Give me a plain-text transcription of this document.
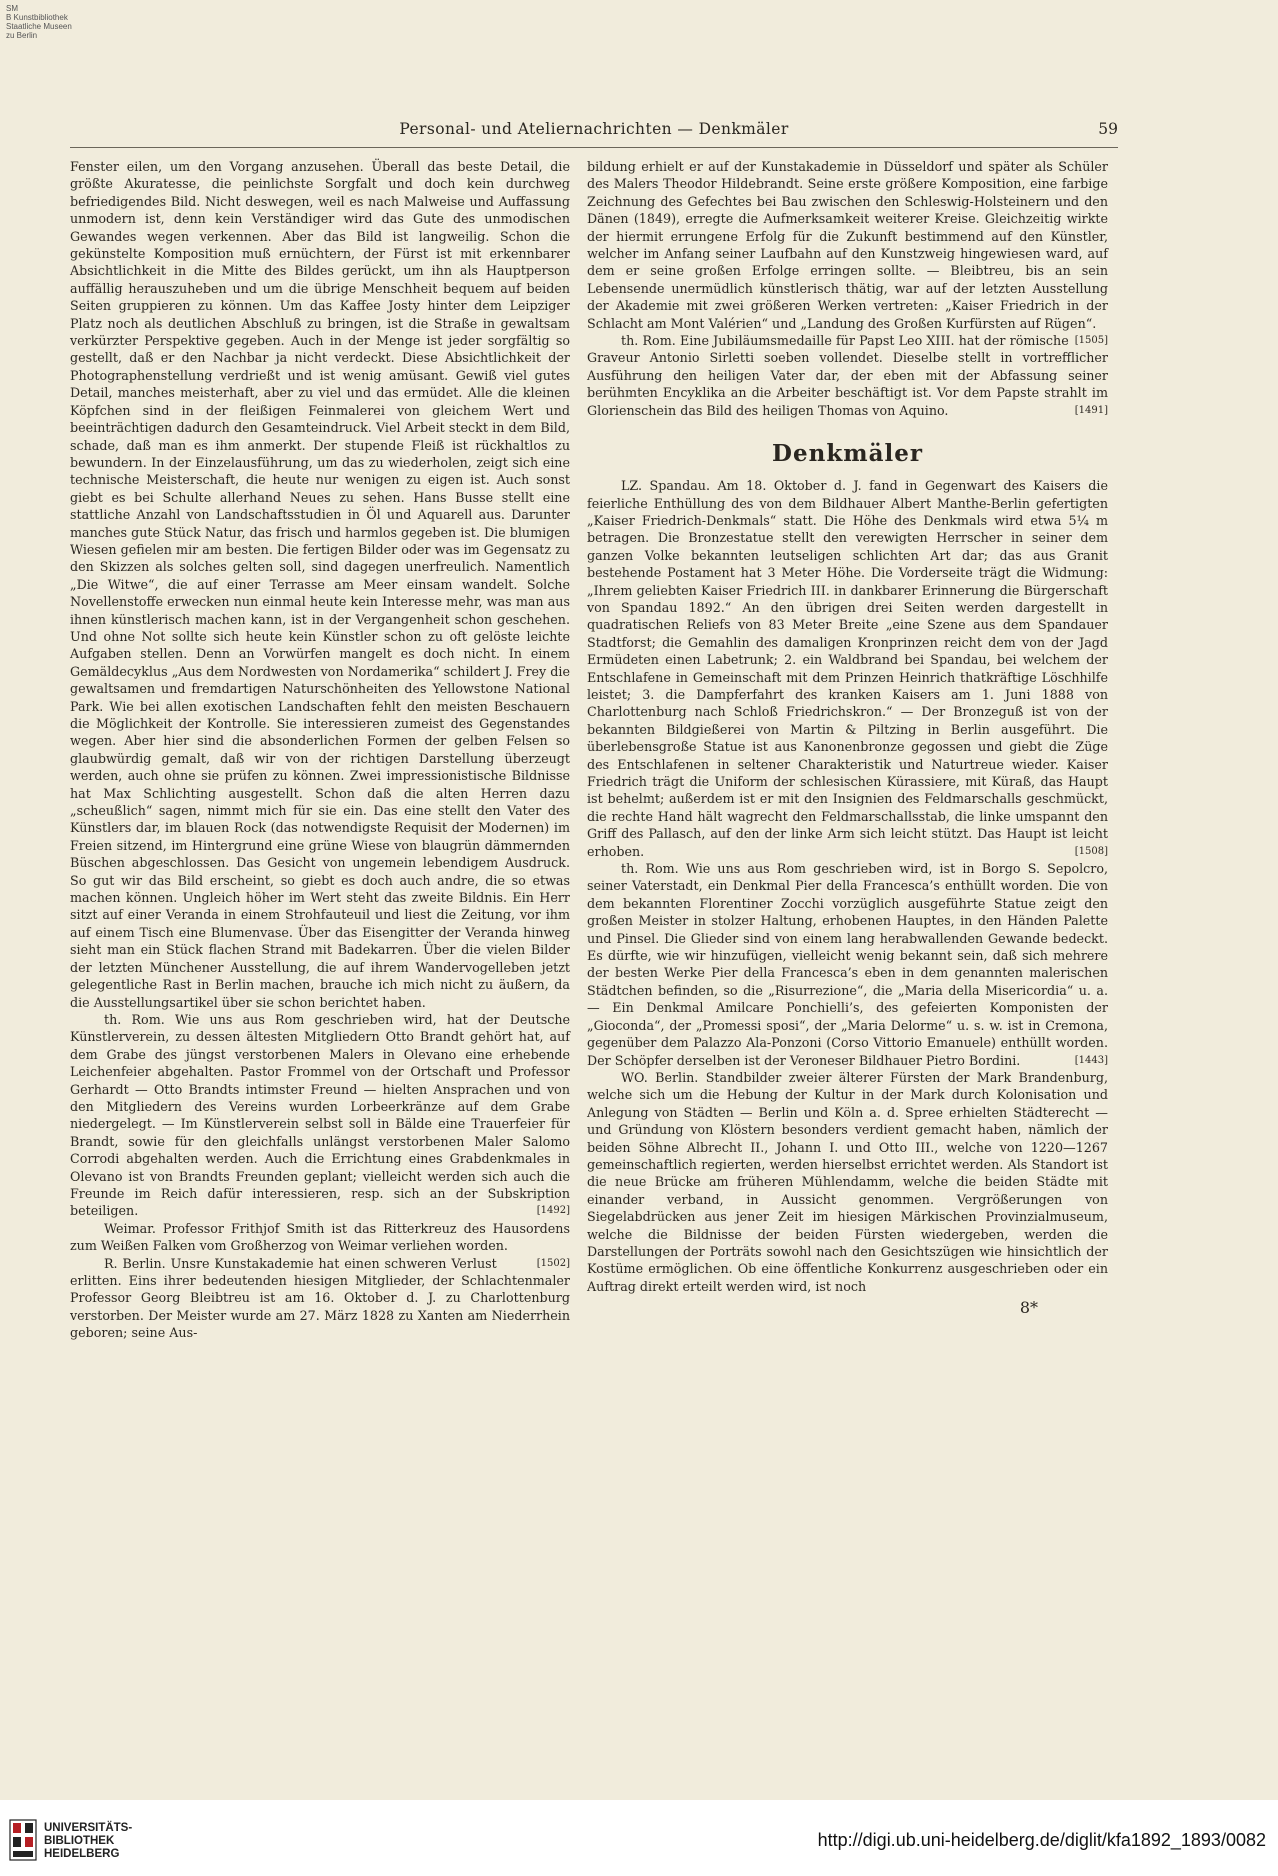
SM
B Kunstbibliothek
Staatliche Museen
zu Berlin
Personal- und Ateliernachrichten — Denkmäler	59

Fenster eilen, um den Vorgang anzusehen. Überall das beste Detail, die größte Akuratesse, die peinlichste Sorgfalt und doch kein durchweg befriedigendes Bild. Nicht deswegen, weil es nach Malweise und Auffassung unmodern ist, denn kein Verständiger wird das Gute des unmodischen Gewandes wegen verkennen. Aber das Bild ist langweilig. Schon die gekünstelte Komposition muß ernüchtern, der Fürst ist mit erkennbarer Absichtlichkeit in die Mitte des Bildes gerückt, um ihn als Hauptperson auffällig herauszuheben und um die übrige Menschheit bequem auf beiden Seiten gruppieren zu können. Um das Kaffee Josty hinter dem Leipziger Platz noch als deutlichen Abschluß zu bringen, ist die Straße in gewaltsam verkürzter Perspektive gegeben. Auch in der Menge ist jeder sorgfältig so gestellt, daß er den Nachbar ja nicht verdeckt. Diese Absichtlichkeit der Photographenstellung verdrießt und ist wenig amüsant. Gewiß viel gutes Detail, manches meisterhaft, aber zu viel und das ermüdet. Alle die kleinen Köpfchen sind in der fleißigen Feinmalerei von gleichem Wert und beeinträchtigen dadurch den Gesamteindruck. Viel Arbeit steckt in dem Bild, schade, daß man es ihm anmerkt. Der stupende Fleiß ist rückhaltlos zu bewundern. In der Einzelausführung, um das zu wiederholen, zeigt sich eine technische Meisterschaft, die heute nur wenigen zu eigen ist. Auch sonst giebt es bei Schulte allerhand Neues zu sehen. Hans Busse stellt eine stattliche Anzahl von Landschaftsstudien in Öl und Aquarell aus. Darunter manches gute Stück Natur, das frisch und harmlos gegeben ist. Die blumigen Wiesen gefielen mir am besten. Die fertigen Bilder oder was im Gegensatz zu den Skizzen als solches gelten soll, sind dagegen unerfreulich. Namentlich „Die Witwe“, die auf einer Terrasse am Meer einsam wandelt. Solche Novellenstoffe erwecken nun einmal heute kein Interesse mehr, was man aus ihnen künstlerisch machen kann, ist in der Vergangenheit schon geschehen. Und ohne Not sollte sich heute kein Künstler schon zu oft gelöste leichte Aufgaben stellen. Denn an Vorwürfen mangelt es doch nicht. In einem Gemäldecyklus „Aus dem Nordwesten von Nordamerika“ schildert J. Frey die gewaltsamen und fremdartigen Naturschönheiten des Yellowstone National Park. Wie bei allen exotischen Landschaften fehlt den meisten Beschauern die Möglichkeit der Kontrolle. Sie interessieren zumeist des Gegenstandes wegen. Aber hier sind die absonderlichen Formen der gelben Felsen so glaubwürdig gemalt, daß wir von der richtigen Darstellung überzeugt werden, auch ohne sie prüfen zu können. Zwei impressionistische Bildnisse hat Max Schlichting ausgestellt. Schon daß die alten Herren dazu „scheußlich“ sagen, nimmt mich für sie ein. Das eine stellt den Vater des Künstlers dar, im blauen Rock (das notwendigste Requisit der Modernen) im Freien sitzend, im Hintergrund eine grüne Wiese von blaugrün dämmernden Büschen abgeschlossen. Das Gesicht von ungemein lebendigem Ausdruck. So gut wir das Bild erscheint, so giebt es doch auch andre, die so etwas machen können. Ungleich höher im Wert steht das zweite Bildnis. Ein Herr sitzt auf einer Veranda in einem Strohfauteuil und liest die Zeitung, vor ihm auf einem Tisch eine Blumenvase. Über das Eisengitter der Veranda hinweg sieht man ein Stück flachen Strand mit Badekarren. Über die vielen Bilder der letzten Münchener Ausstellung, die auf ihrem Wandervogelleben jetzt gelegentliche Rast in Berlin machen, brauche ich mich nicht zu äußern, da die Ausstellungsartikel über sie schon berichtet haben.

th. Rom. Wie uns aus Rom geschrieben wird, hat der Deutsche Künstlerverein, zu dessen ältesten Mitgliedern Otto Brandt gehört hat, auf dem Grabe des jüngst verstorbenen Malers in Olevano eine erhebende Leichenfeier abgehalten. Pastor Frommel von der Ortschaft und Professor Gerhardt — Otto Brandts intimster Freund — hielten Ansprachen und von den Mitgliedern des Vereins wurden Lorbeerkränze auf dem Grabe niedergelegt. — Im Künstlerverein selbst soll in Bälde eine Trauerfeier für Brandt, sowie für den gleichfalls unlängst verstorbenen Maler Salomo Corrodi abgehalten werden. Auch die Errichtung eines Grabdenkmales in Olevano ist von Brandts Freunden geplant; vielleicht werden sich auch die Freunde im Reich dafür interessieren, resp. sich an der Subskription beteiligen.	[1492]

Weimar. Professor Frithjof Smith ist das Ritterkreuz des Hausordens zum Weißen Falken vom Großherzog von Weimar verliehen worden.
[1502]

R. Berlin. Unsre Kunstakademie hat einen schweren Verlust erlitten. Eins ihrer bedeutenden hiesigen Mitglieder, der Schlachtenmaler Professor Georg Bleibtreu ist am 16. Oktober d. J. zu Charlottenburg verstorben. Der Meister wurde am 27. März 1828 zu Xanten am Niederrhein geboren; seine Aus-

bildung erhielt er auf der Kunstakademie in Düsseldorf und später als Schüler des Malers Theodor Hildebrandt. Seine erste größere Komposition, eine farbige Zeichnung des Gefechtes bei Bau zwischen den Schleswig-Holsteinern und den Dänen (1849), erregte die Aufmerksamkeit weiterer Kreise. Gleichzeitig wirkte der hiermit errungene Erfolg für die Zukunft bestimmend auf den Künstler, welcher im Anfang seiner Laufbahn auf den Kunstzweig hingewiesen ward, auf dem er seine großen Erfolge erringen sollte. — Bleibtreu, bis an sein Lebensende unermüdlich künstlerisch thätig, war auf der letzten Ausstellung der Akademie mit zwei größeren Werken vertreten: „Kaiser Friedrich in der Schlacht am Mont Valérien“ und „Landung des Großen Kurfürsten auf Rügen“.
[1505]

th. Rom. Eine Jubiläumsmedaille für Papst Leo XIII. hat der römische Graveur Antonio Sirletti soeben vollendet. Dieselbe stellt in vortrefflicher Ausführung den heiligen Vater dar, der eben mit der Abfassung seiner berühmten Encyklika an die Arbeiter beschäftigt ist. Vor dem Papste strahlt im Glorienschein das Bild des heiligen Thomas von Aquino.	[1491]

Denkmäler

LZ. Spandau. Am 18. Oktober d. J. fand in Gegenwart des Kaisers die feierliche Enthüllung des von dem Bildhauer Albert Manthe-Berlin gefertigten „Kaiser Friedrich-Denkmals“ statt. Die Höhe des Denkmals wird etwa 5¼ m betragen. Die Bronzestatue stellt den verewigten Herrscher in seiner dem ganzen Volke bekannten leutseligen schlichten Art dar; das aus Granit bestehende Postament hat 3 Meter Höhe. Die Vorderseite trägt die Widmung: „Ihrem geliebten Kaiser Friedrich III. in dankbarer Erinnerung die Bürgerschaft von Spandau 1892.“ An den übrigen drei Seiten werden dargestellt in quadratischen Reliefs von 83 Meter Breite „eine Szene aus dem Spandauer Stadtforst; die Gemahlin des damaligen Kronprinzen reicht dem von der Jagd Ermüdeten einen Labetrunk; 2. ein Waldbrand bei Spandau, bei welchem der Entschlafene in Gemeinschaft mit dem Prinzen Heinrich thatkräftige Löschhilfe leistet; 3. die Dampferfahrt des kranken Kaisers am 1. Juni 1888 von Charlottenburg nach Schloß Friedrichskron.“ — Der Bronzeguß ist von der bekannten Bildgießerei von Martin & Piltzing in Berlin ausgeführt. Die überlebensgroße Statue ist aus Kanonenbronze gegossen und giebt die Züge des Entschlafenen in seltener Charakteristik und Naturtreue wieder. Kaiser Friedrich trägt die Uniform der schlesischen Kürassiere, mit Küraß, das Haupt ist behelmt; außerdem ist er mit den Insignien des Feldmarschalls geschmückt, die rechte Hand hält wagrecht den Feldmarschallsstab, die linke umspannt den Griff des Pallasch, auf den der linke Arm sich leicht stützt. Das Haupt ist leicht erhoben.	[1508]

th. Rom. Wie uns aus Rom geschrieben wird, ist in Borgo S. Sepolcro, seiner Vaterstadt, ein Denkmal Pier della Francesca’s enthüllt worden. Die von dem bekannten Florentiner Zocchi vorzüglich ausgeführte Statue zeigt den großen Meister in stolzer Haltung, erhobenen Hauptes, in den Händen Palette und Pinsel. Die Glieder sind von einem lang herabwallenden Gewande bedeckt. Es dürfte, wie wir hinzufügen, vielleicht wenig bekannt sein, daß sich mehrere der besten Werke Pier della Francesca’s eben in dem genannten malerischen Städtchen befinden, so die „Risurrezione“, die „Maria della Misericordia“ u. a. — Ein Denkmal Amilcare Ponchielli’s, des gefeierten Komponisten der „Gioconda“, der „Promessi sposi“, der „Maria Delorme“ u. s. w. ist in Cremona, gegenüber dem Palazzo Ala-Ponzoni (Corso Vittorio Emanuele) enthüllt worden. Der Schöpfer derselben ist der Veroneser Bildhauer Pietro Bordini.	[1443]

WO. Berlin. Standbilder zweier älterer Fürsten der Mark Brandenburg, welche sich um die Hebung der Kultur in der Mark durch Kolonisation und Anlegung von Städten — Berlin und Köln a. d. Spree erhielten Städterecht — und Gründung von Klöstern besonders verdient gemacht haben, nämlich der beiden Söhne Albrecht II., Johann I. und Otto III., welche von 1220—1267 gemeinschaftlich regierten, werden hierselbst errichtet werden. Als Standort ist die neue Brücke am früheren Mühlendamm, welche die beiden Städte mit einander verband, in Aussicht genommen. Vergrößerungen von Siegelabdrücken aus jener Zeit im hiesigen Märkischen Provinzialmuseum, welche die Bildnisse der beiden Fürsten wiedergeben, werden die Darstellungen der Porträts sowohl nach den Gesichtszügen wie hinsichtlich der Kostüme ermöglichen. Ob eine öffentliche Konkurrenz ausgeschrieben oder ein Auftrag direkt erteilt werden wird, ist noch

8*
UNIVERSITÄTS-
BIBLIOTHEK
HEIDELBERG
http://digi.ub.uni-heidelberg.de/diglit/kfa1892_1893/0082
